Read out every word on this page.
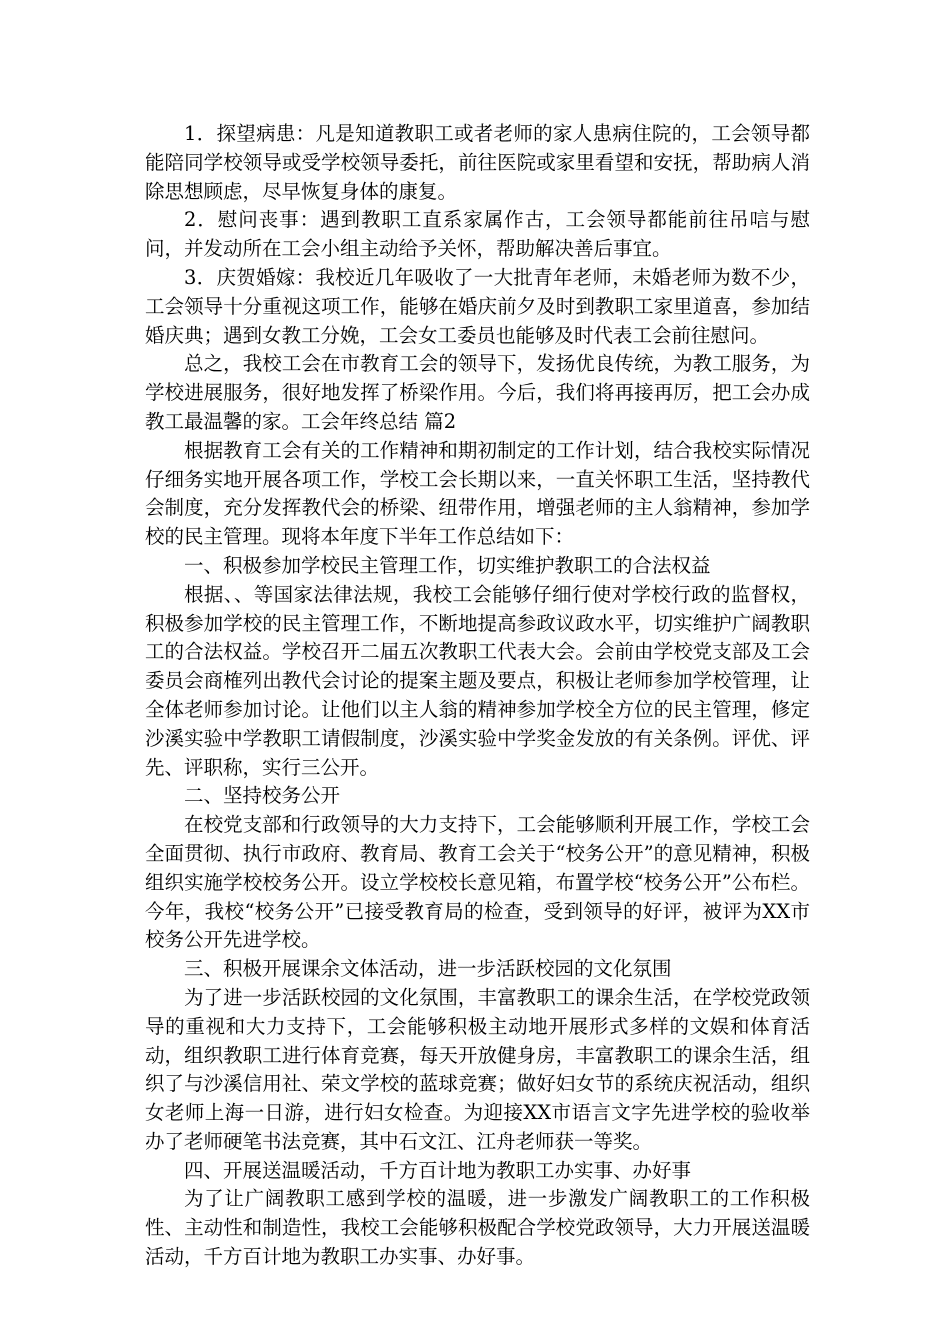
1．探望病患：凡是知道教职工或者老师的家人患病住院的，工会领导都能陪同学校领导或受学校领导委托，前往医院或家里看望和安抚，帮助病人消除思想顾虑，尽早恢复身体的康复。

2．慰问丧事：遇到教职工直系家属作古，工会领导都能前往吊唁与慰问，并发动所在工会小组主动给予关怀，帮助解决善后事宜。

3．庆贺婚嫁：我校近几年吸收了一大批青年老师，未婚老师为数不少，工会领导十分重视这项工作，能够在婚庆前夕及时到教职工家里道喜，参加结婚庆典；遇到女教工分娩，工会女工委员也能够及时代表工会前往慰问。

总之，我校工会在市教育工会的领导下，发扬优良传统，为教工服务，为学校进展服务，很好地发挥了桥梁作用。今后，我们将再接再厉，把工会办成教工最温馨的家。工会年终总结 篇2

根据教育工会有关的工作精神和期初制定的工作计划，结合我校实际情况仔细务实地开展各项工作，学校工会长期以来，一直关怀职工生活，坚持教代会制度，充分发挥教代会的桥梁、纽带作用，增强老师的主人翁精神，参加学校的民主管理。现将本年度下半年工作总结如下：

一、积极参加学校民主管理工作，切实维护教职工的合法权益

根据、、等国家法律法规，我校工会能够仔细行使对学校行政的监督权，积极参加学校的民主管理工作，不断地提高参政议政水平，切实维护广阔教职工的合法权益。学校召开二届五次教职工代表大会。会前由学校党支部及工会委员会商榷列出教代会讨论的提案主题及要点，积极让老师参加学校管理，让全体老师参加讨论。让他们以主人翁的精神参加学校全方位的民主管理，修定沙溪实验中学教职工请假制度，沙溪实验中学奖金发放的有关条例。评优、评先、评职称，实行三公开。

二、坚持校务公开

在校党支部和行政领导的大力支持下，工会能够顺利开展工作，学校工会全面贯彻、执行市政府、教育局、教育工会关于“校务公开”的意见精神，积极组织实施学校校务公开。设立学校校长意见箱，布置学校“校务公开”公布栏。今年，我校“校务公开”已接受教育局的检查，受到领导的好评，被评为XX市校务公开先进学校。

三、积极开展课余文体活动，进一步活跃校园的文化氛围

为了进一步活跃校园的文化氛围，丰富教职工的课余生活，在学校党政领导的重视和大力支持下，工会能够积极主动地开展形式多样的文娱和体育活动，组织教职工进行体育竞赛，每天开放健身房，丰富教职工的课余生活，组织了与沙溪信用社、荣文学校的蓝球竞赛；做好妇女节的系统庆祝活动，组织女老师上海一日游，进行妇女检查。为迎接XX市语言文字先进学校的验收举办了老师硬笔书法竞赛，其中石文江、江舟老师获一等奖。

四、开展送温暖活动，千方百计地为教职工办实事、办好事

为了让广阔教职工感到学校的温暖，进一步激发广阔教职工的工作积极性、主动性和制造性，我校工会能够积极配合学校党政领导，大力开展送温暖活动，千方百计地为教职工办实事、办好事。
